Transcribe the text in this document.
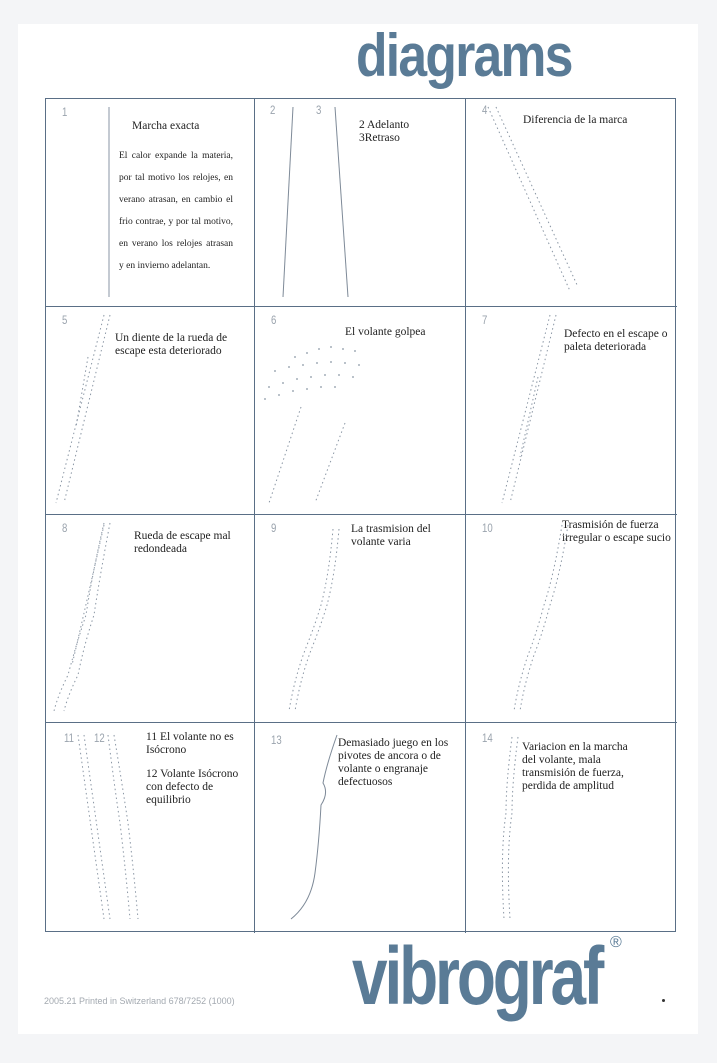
diagrams
1
Marcha exacta
El calor expande la materia, por tal motivo los relojes, en verano atrasan, en cambio el frio contrae, y por tal motivo, en verano los relojes atrasan y en invierno adelantan.
2	3
2 Adelanto
3Retraso
4
Diferencia de la marca
5
Un diente de la rueda de escape esta deteriorado
6
El volante golpea
7
Defecto en el escape o paleta deteriorada
8
Rueda de escape mal redondeada
9	La trasmision del volante varia
10	Trasmisión de fuerza irregular o escape sucio
11 12	11 El volante no es Isócrono
12 Volante Isócrono con defecto de equilibrio
13	Demasiado juego en los pivotes de ancora o de volante o engranaje defectuosos
14
Variacion en la marcha del volante, mala transmisión de fuerza, perdida de amplitud
2005.21 Printed in Switzerland 678/7252 (1000) vibrograf ®
